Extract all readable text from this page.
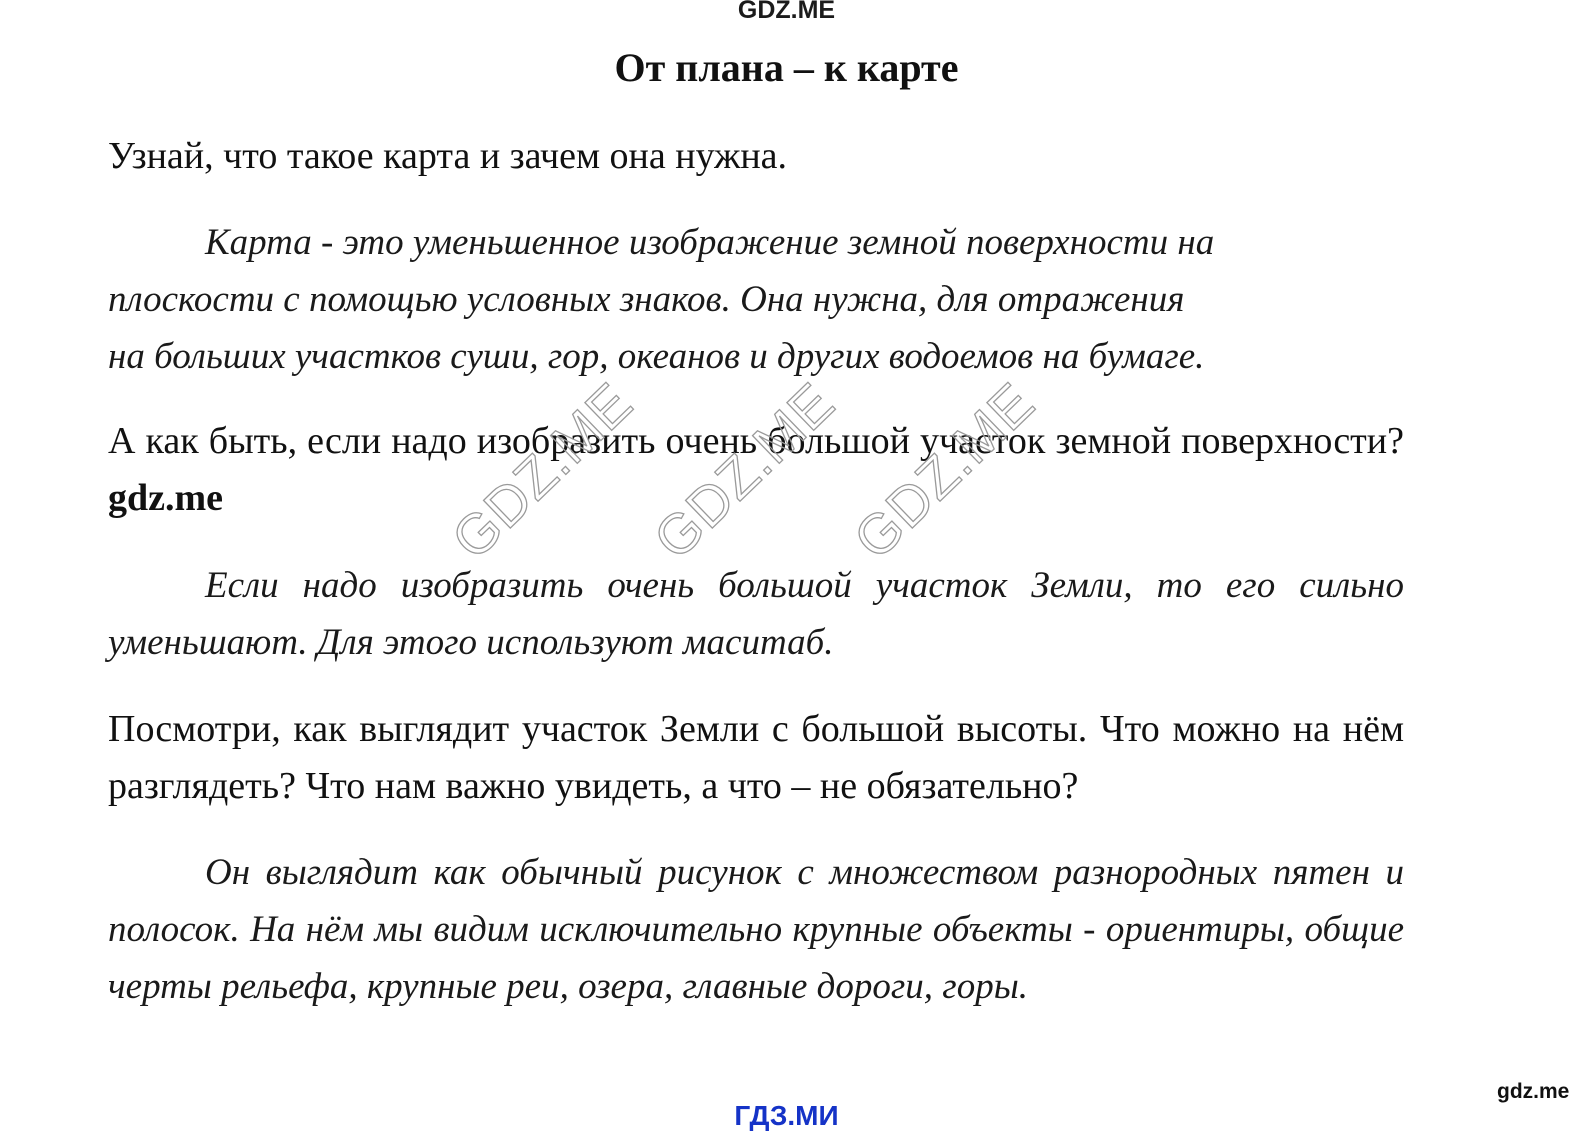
GDZ.ME
От плана – к карте

Узнай, что такое карта и зачем она нужна.

Карта - это уменьшенное изображение земной поверхности на
плоскости с помощью условных знаков. Она нужна, для отражения
на больших участков суши, гор, океанов и других водоемов на бумаге.

А как быть, если надо изобразить очень большой участок земной поверхности? gdz.me	GDZ.ME
GDZ.ME
GDZ.ME

Если надо изобразить очень большой участок Земли, то его сильно уменьшают. Для этого используют маситаб.

Посмотри, как выглядит участок Земли с большой высоты. Что можно на нём разглядеть? Что нам важно увидеть, а что – не обязательно?

Он выглядит как обычный рисунок с множеством разнородных пятен и полосок. На нём мы видим исключительно крупные объекты - ориентиры, общие черты рельефа, крупные реи, озера, главные дороги, горы.

ГДЗ.МИ
gdz.me
